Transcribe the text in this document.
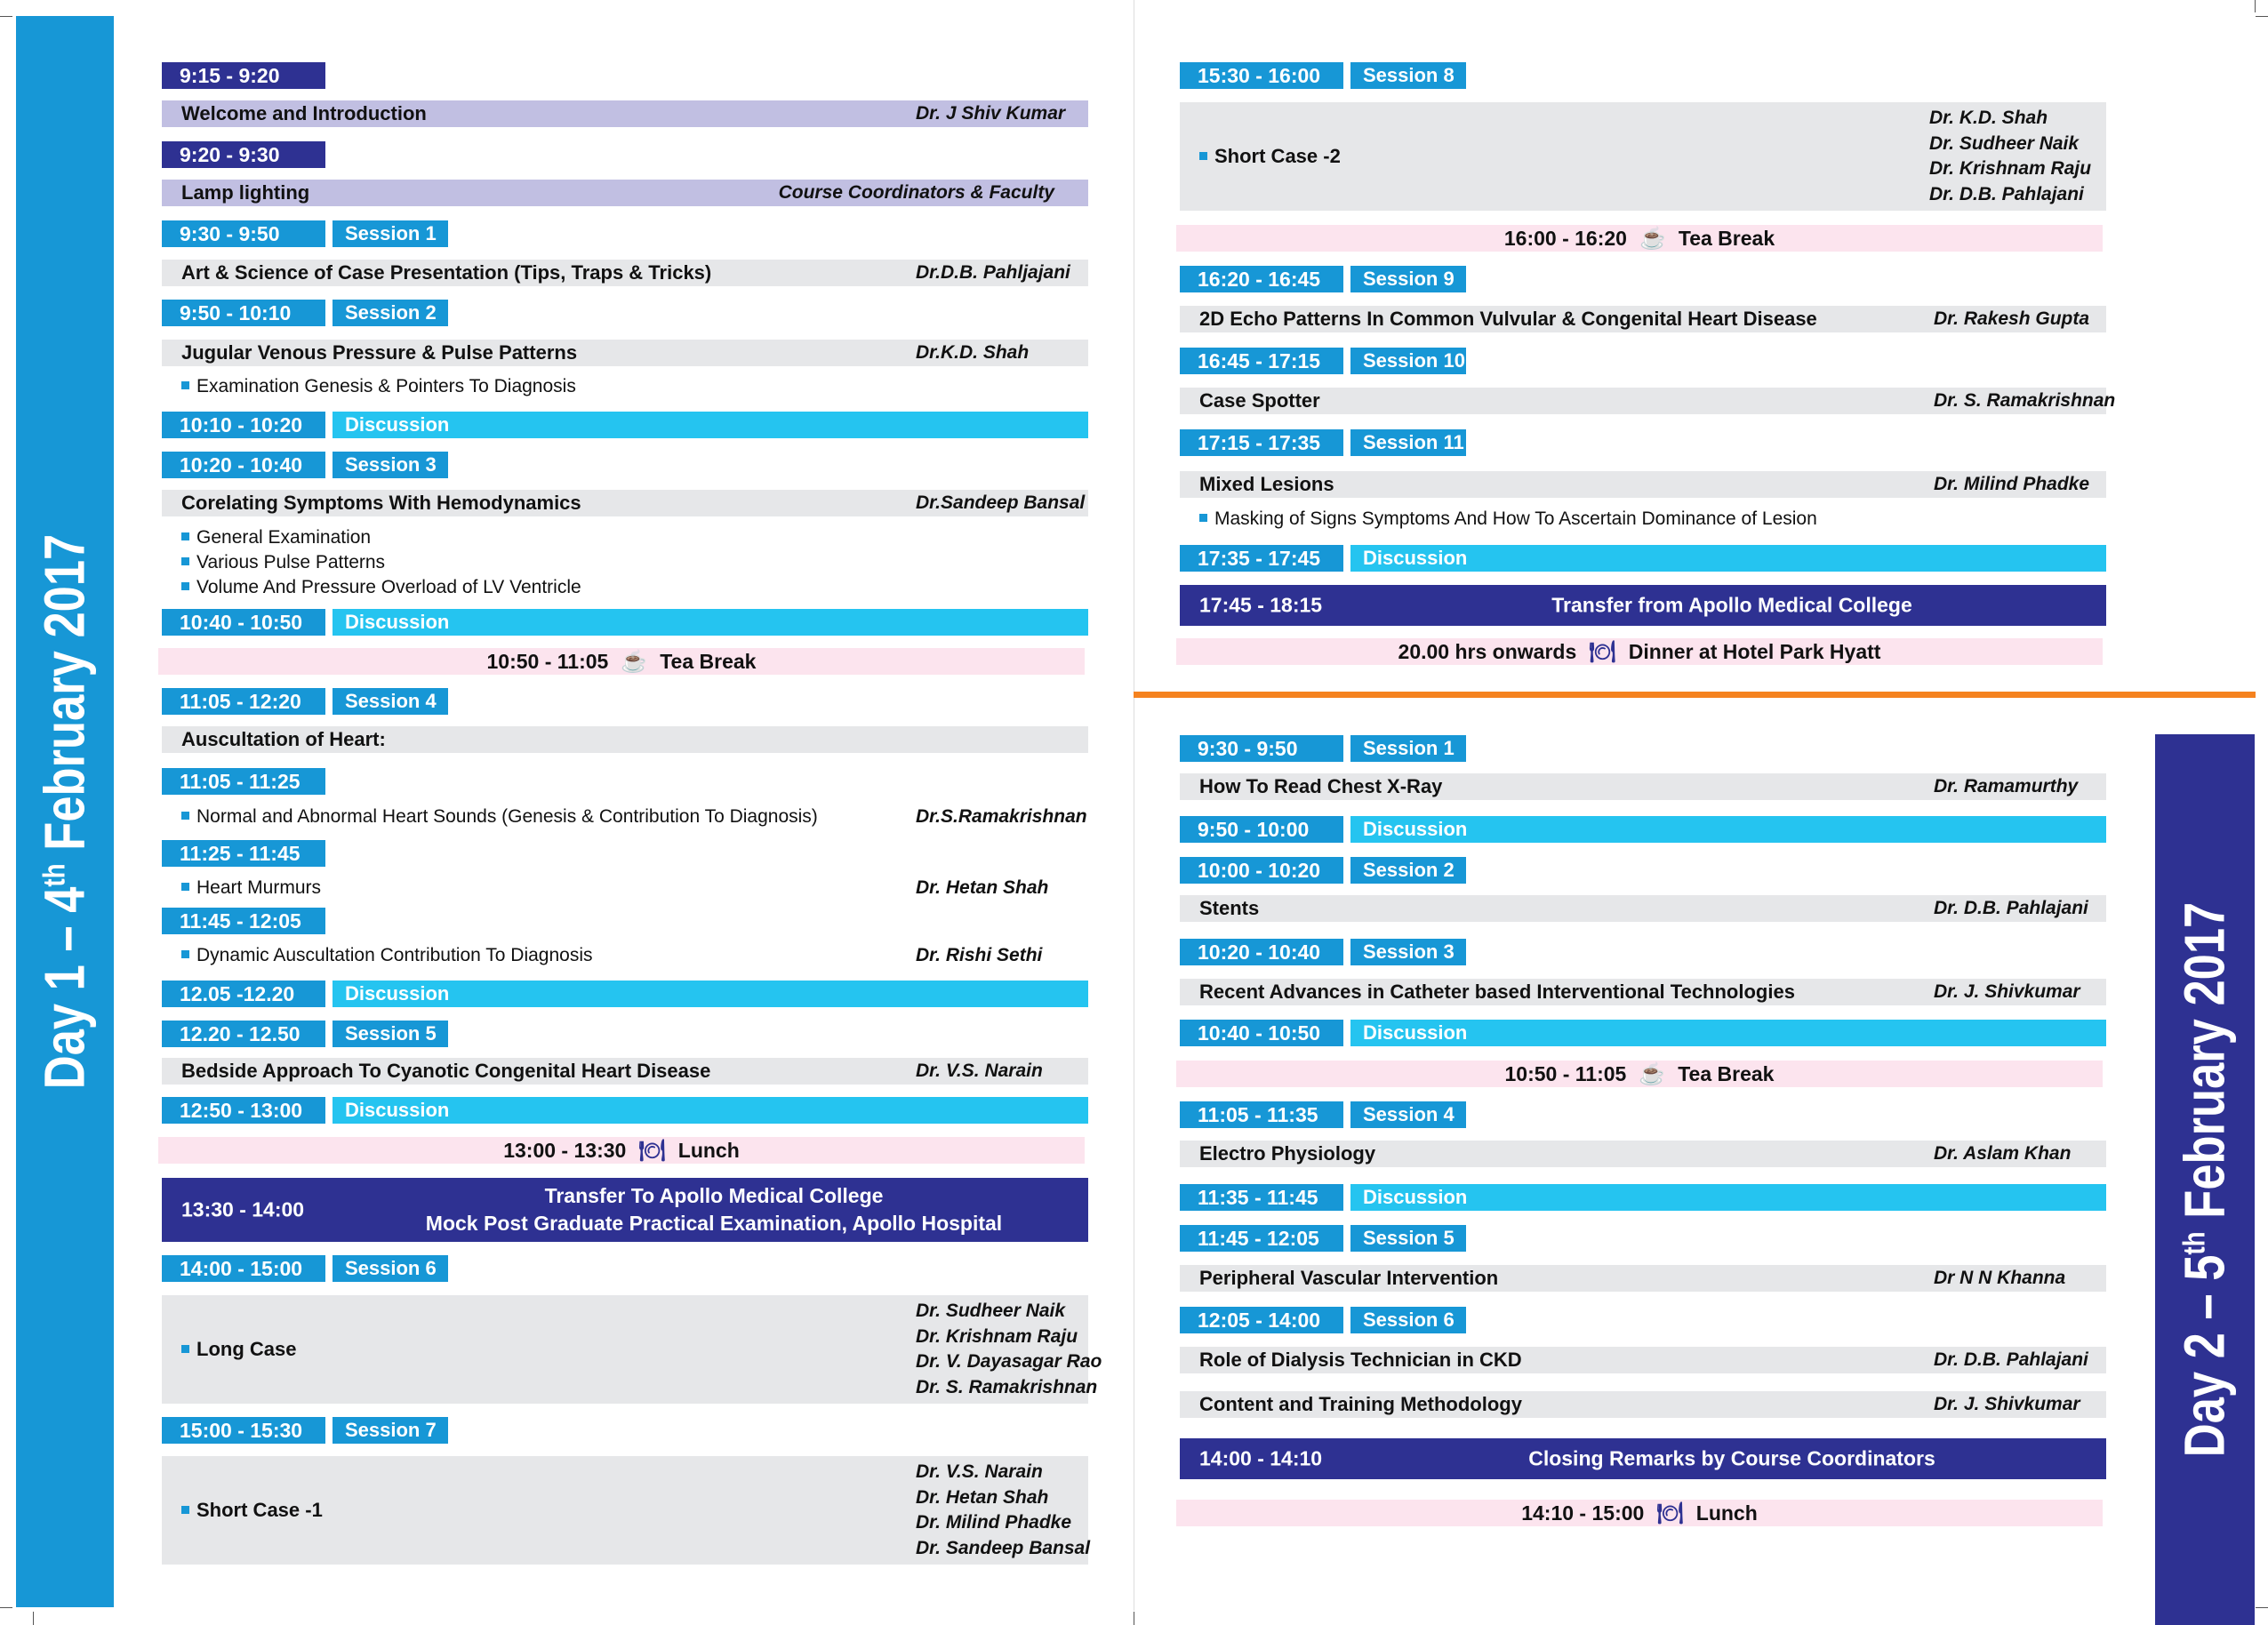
Day 1 – 4th February 2017
Day 2 – 5th February 2017
9:15 - 9:20
Welcome and Introduction	Dr. J Shiv Kumar
9:20 - 9:30
Lamp lighting	Course Coordinators & Faculty
9:30 - 9:50	Session 1
Art & Science of Case Presentation (Tips, Traps & Tricks)	Dr.D.B. Pahljajani
9:50 - 10:10	Session 2
Jugular Venous Pressure & Pulse Patterns	Dr.K.D. Shah
Examination Genesis & Pointers To Diagnosis
10:10 - 10:20	Discussion
10:20 - 10:40	Session 3
Corelating Symptoms With Hemodynamics	Dr.Sandeep Bansal
General Examination
Various Pulse Patterns
Volume And Pressure Overload of LV Ventricle
10:40 - 10:50	Discussion
10:50 - 11:05 ☕ Tea Break
11:05 - 12:20	Session 4
Auscultation of Heart:
11:05 - 11:25
Normal and Abnormal Heart Sounds (Genesis & Contribution To Diagnosis)	Dr.S.Ramakrishnan
11:25 - 11:45
Heart Murmurs	Dr. Hetan Shah
11:45 - 12:05
Dynamic Auscultation Contribution To Diagnosis	Dr. Rishi Sethi
12.05 -12.20	Discussion
12.20 - 12.50	Session 5
Bedside Approach To Cyanotic Congenital Heart Disease	Dr. V.S. Narain
12:50 - 13:00	Discussion
13:00 - 13:30 🍽 Lunch
13:30 - 14:00
Transfer To Apollo Medical College
Mock Post Graduate Practical Examination, Apollo Hospital
14:00 - 15:00	Session 6
Long Case
Dr. Sudheer Naik
Dr. Krishnam Raju
Dr. V. Dayasagar Rao
Dr. S. Ramakrishnan
15:00 - 15:30	Session 7
Short Case -1
Dr. V.S. Narain
Dr. Hetan Shah
Dr. Milind Phadke
Dr. Sandeep Bansal
15:30 - 16:00	Session 8
Short Case -2
Dr. K.D. Shah
Dr. Sudheer Naik
Dr. Krishnam Raju
Dr. D.B. Pahlajani
16:00 - 16:20 ☕ Tea Break
16:20 - 16:45	Session 9
2D Echo Patterns In Common Vulvular & Congenital Heart Disease	Dr. Rakesh Gupta
16:45 - 17:15	Session 10
Case Spotter	Dr. S. Ramakrishnan
17:15 - 17:35	Session 11
Mixed Lesions	Dr. Milind Phadke
Masking of Signs Symptoms And How To Ascertain Dominance of Lesion
17:35 - 17:45	Discussion
17:45 - 18:15	Transfer from Apollo Medical College
20.00 hrs onwards 🍽 Dinner at Hotel Park Hyatt
9:30 - 9:50	Session 1
How To Read Chest X-Ray	Dr. Ramamurthy
9:50 - 10:00	Discussion
10:00 - 10:20	Session 2
Stents	Dr. D.B. Pahlajani
10:20 - 10:40	Session 3
Recent Advances in Catheter based Interventional Technologies	Dr. J. Shivkumar
10:40 - 10:50	Discussion
10:50 - 11:05 ☕ Tea Break
11:05 - 11:35	Session 4
Electro Physiology	Dr. Aslam Khan
11:35 - 11:45	Discussion
11:45 - 12:05	Session 5
Peripheral Vascular Intervention	Dr N N Khanna
12:05 - 14:00	Session 6
Role of Dialysis Technician in CKD	Dr. D.B. Pahlajani
Content and Training Methodology	Dr. J. Shivkumar
14:00 - 14:10	Closing Remarks by Course Coordinators
14:10 - 15:00 🍽 Lunch
